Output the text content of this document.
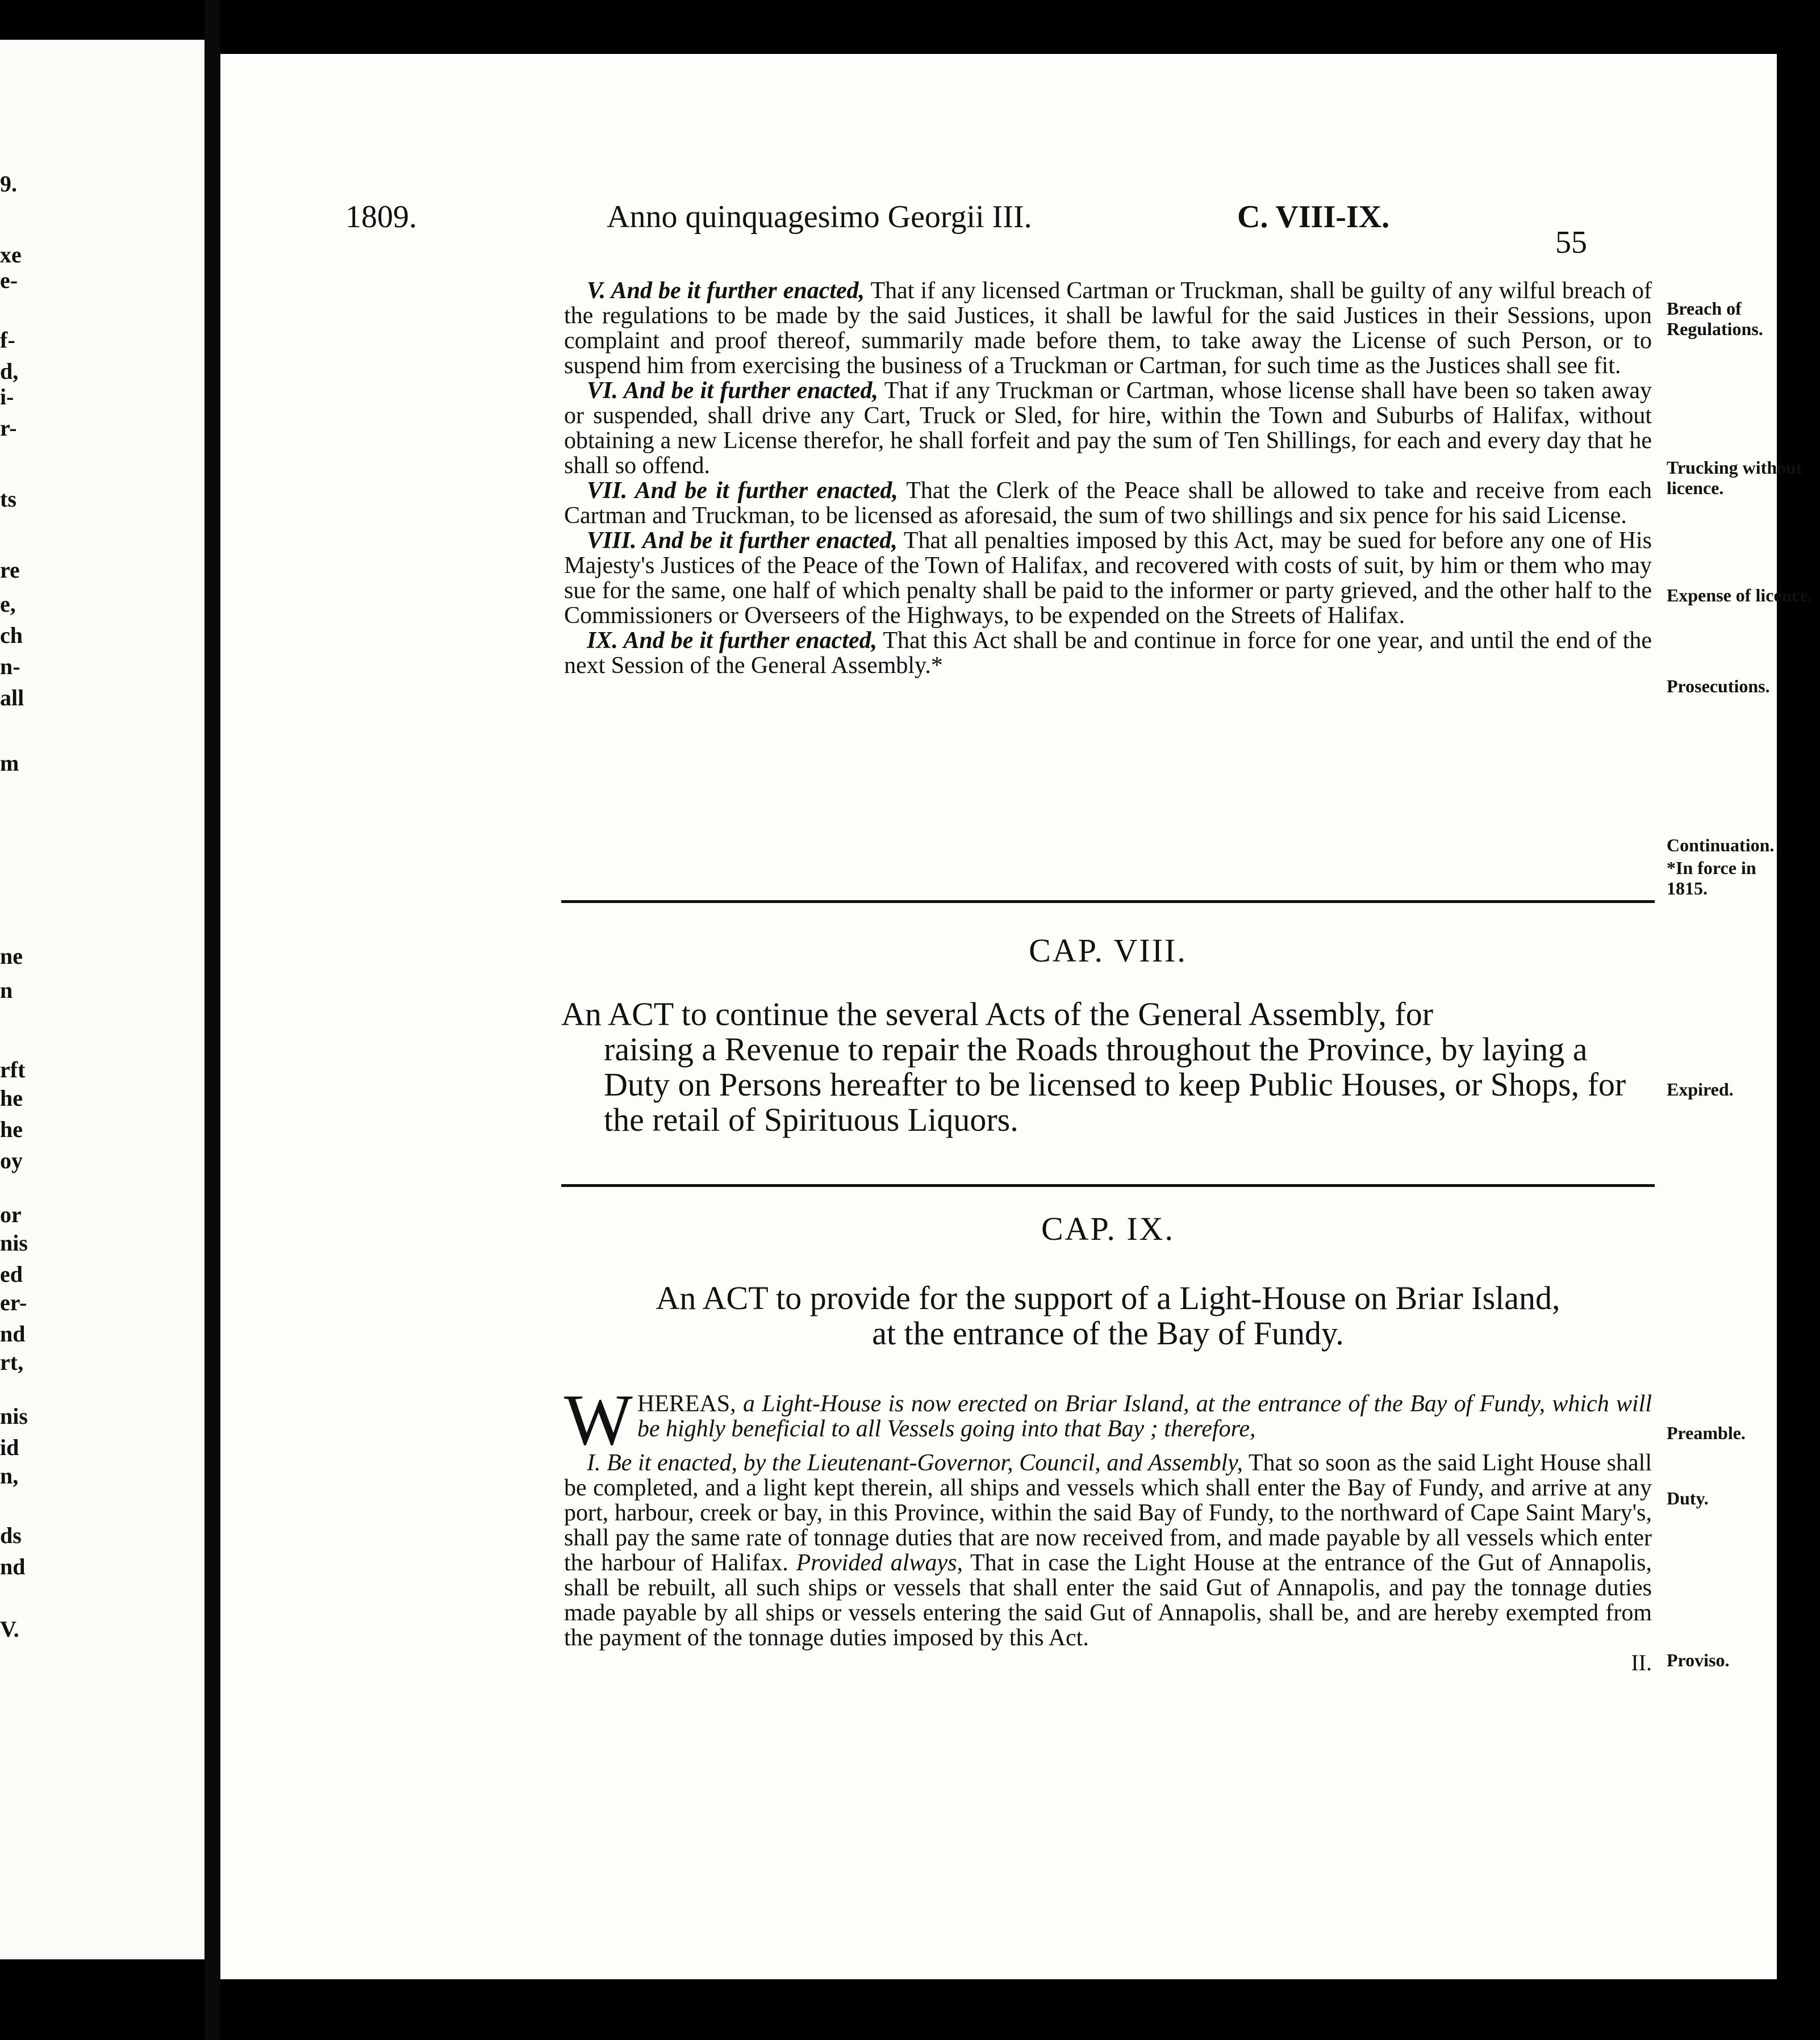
9.
xe
e-
f-
d,
i-
r-
ts
re
e,
ch
n-
all
m
ne
n
rft
he
he
oy
or
nis
ed
er-
nd
rt,
nis
id
n,
ds
nd
V.
1809.	Anno quinquagesimo Georgii III.	C. VIII-IX.
55

V. And be it further enacted, That if any licensed Cartman or Truckman, shall be guilty of any wilful breach of the regulations to be made by the said Justices, it shall be lawful for the said Justices in their Sessions, upon complaint and proof thereof, summarily made before them, to take away the License of such Person, or to suspend him from exercising the business of a Truckman or Cartman, for such time as the Justices shall see fit.

VI. And be it further enacted, That if any Truckman or Cartman, whose license shall have been so taken away or suspended, shall drive any Cart, Truck or Sled, for hire, within the Town and Suburbs of Halifax, without obtaining a new License therefor, he shall forfeit and pay the sum of Ten Shillings, for each and every day that he shall so offend.

VII. And be it further enacted, That the Clerk of the Peace shall be allowed to take and receive from each Cartman and Truckman, to be licensed as aforesaid, the sum of two shillings and six pence for his said License.

VIII. And be it further enacted, That all penalties imposed by this Act, may be sued for before any one of His Majesty's Justices of the Peace of the Town of Halifax, and recovered with costs of suit, by him or them who may sue for the same, one half of which penalty shall be paid to the informer or party grieved, and the other half to the Commissioners or Overseers of the Highways, to be expended on the Streets of Halifax.

IX. And be it further enacted, That this Act shall be and continue in force for one year, and until the end of the next Session of the General Assembly.*

Breach of Regulations.
Trucking without licence.
Expense of licence.
Prosecutions.
Continuation.
*In force in 1815.
Expired.
Preamble.
Duty.
Proviso.
CAP. VIII.
An ACT to continue the several Acts of the General Assembly, for
raising a Revenue to repair the Roads throughout the Province, by laying a Duty on Persons hereafter to be licensed to keep Public Houses, or Shops, for the retail of Spirituous Liquors.
CAP. IX.
An ACT to provide for the support of a Light-House on Briar Island,
at the entrance of the Bay of Fundy.

WHEREAS, a Light-House is now erected on Briar Island, at the entrance of the Bay of Fundy, which will be highly beneficial to all Vessels going into that Bay ; therefore,

I. Be it enacted, by the Lieutenant-Governor, Council, and Assembly, That so soon as the said Light House shall be completed, and a light kept therein, all ships and vessels which shall enter the Bay of Fundy, and arrive at any port, harbour, creek or bay, in this Province, within the said Bay of Fundy, to the northward of Cape Saint Mary's, shall pay the same rate of tonnage duties that are now received from, and made payable by all vessels which enter the harbour of Halifax. Provided always, That in case the Light House at the entrance of the Gut of Annapolis, shall be rebuilt, all such ships or vessels that shall enter the said Gut of Annapolis, and pay the tonnage duties made payable by all ships or vessels entering the said Gut of Annapolis, shall be, and are hereby exempted from the payment of the tonnage duties imposed by this Act.

II.
